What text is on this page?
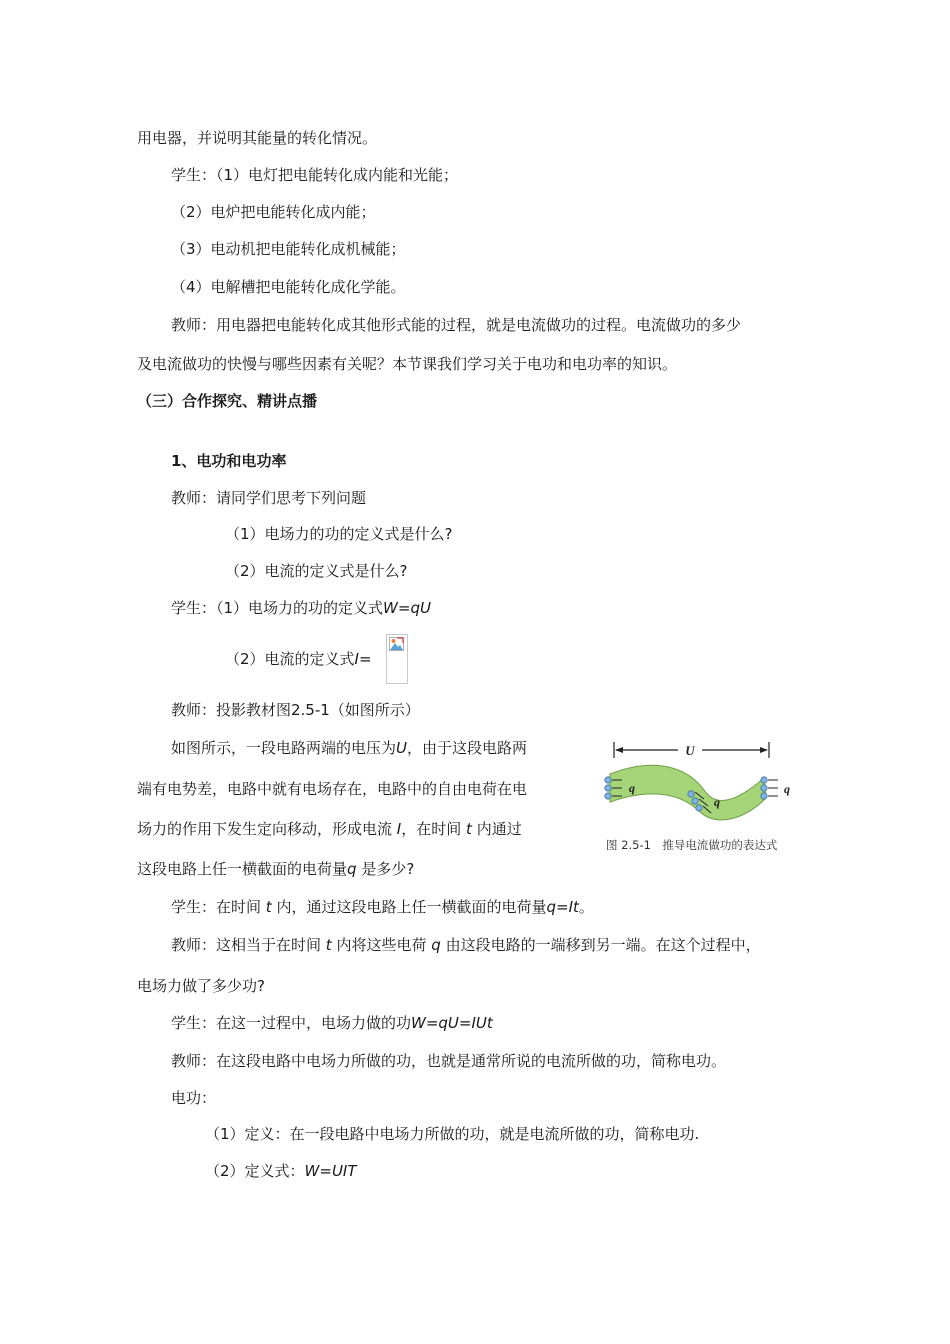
用电器，并说明其能量的转化情况。
学生：（1）电灯把电能转化成内能和光能；
（2）电炉把电能转化成内能；
（3）电动机把电能转化成机械能；
（4）电解槽把电能转化成化学能。
教师：用电器把电能转化成其他形式能的过程，就是电流做功的过程。电流做功的多少
及电流做功的快慢与哪些因素有关呢？本节课我们学习关于电功和电功率的知识。
（三）合作探究、精讲点播
1、电功和电功率
教师：请同学们思考下列问题
（1）电场力的功的定义式是什么?
（2）电流的定义式是什么?
学生：（1）电场力的功的定义式W=qU
（2）电流的定义式I=
教师：投影教材图2.5-1（如图所示）
如图所示，一段电路两端的电压为U，由于这段电路两
端有电势差，电路中就有电场存在，电路中的自由电荷在电
场力的作用下发生定向移动，形成电流 I，在时间 t 内通过
这段电路上任一横截面的电荷量q 是多少?
U
q
q
q
图 2.5-1　推导电流做功的表达式
学生：在时间 t 内，通过这段电路上任一横截面的电荷量q=It。
教师：这相当于在时间 t 内将这些电荷 q 由这段电路的一端移到另一端。在这个过程中，
电场力做了多少功?
学生：在这一过程中，电场力做的功W=qU=IUt
教师：在这段电路中电场力所做的功，也就是通常所说的电流所做的功，简称电功。
电功：
（1）定义：在一段电路中电场力所做的功，就是电流所做的功，简称电功.
（2）定义式：W=UIT
